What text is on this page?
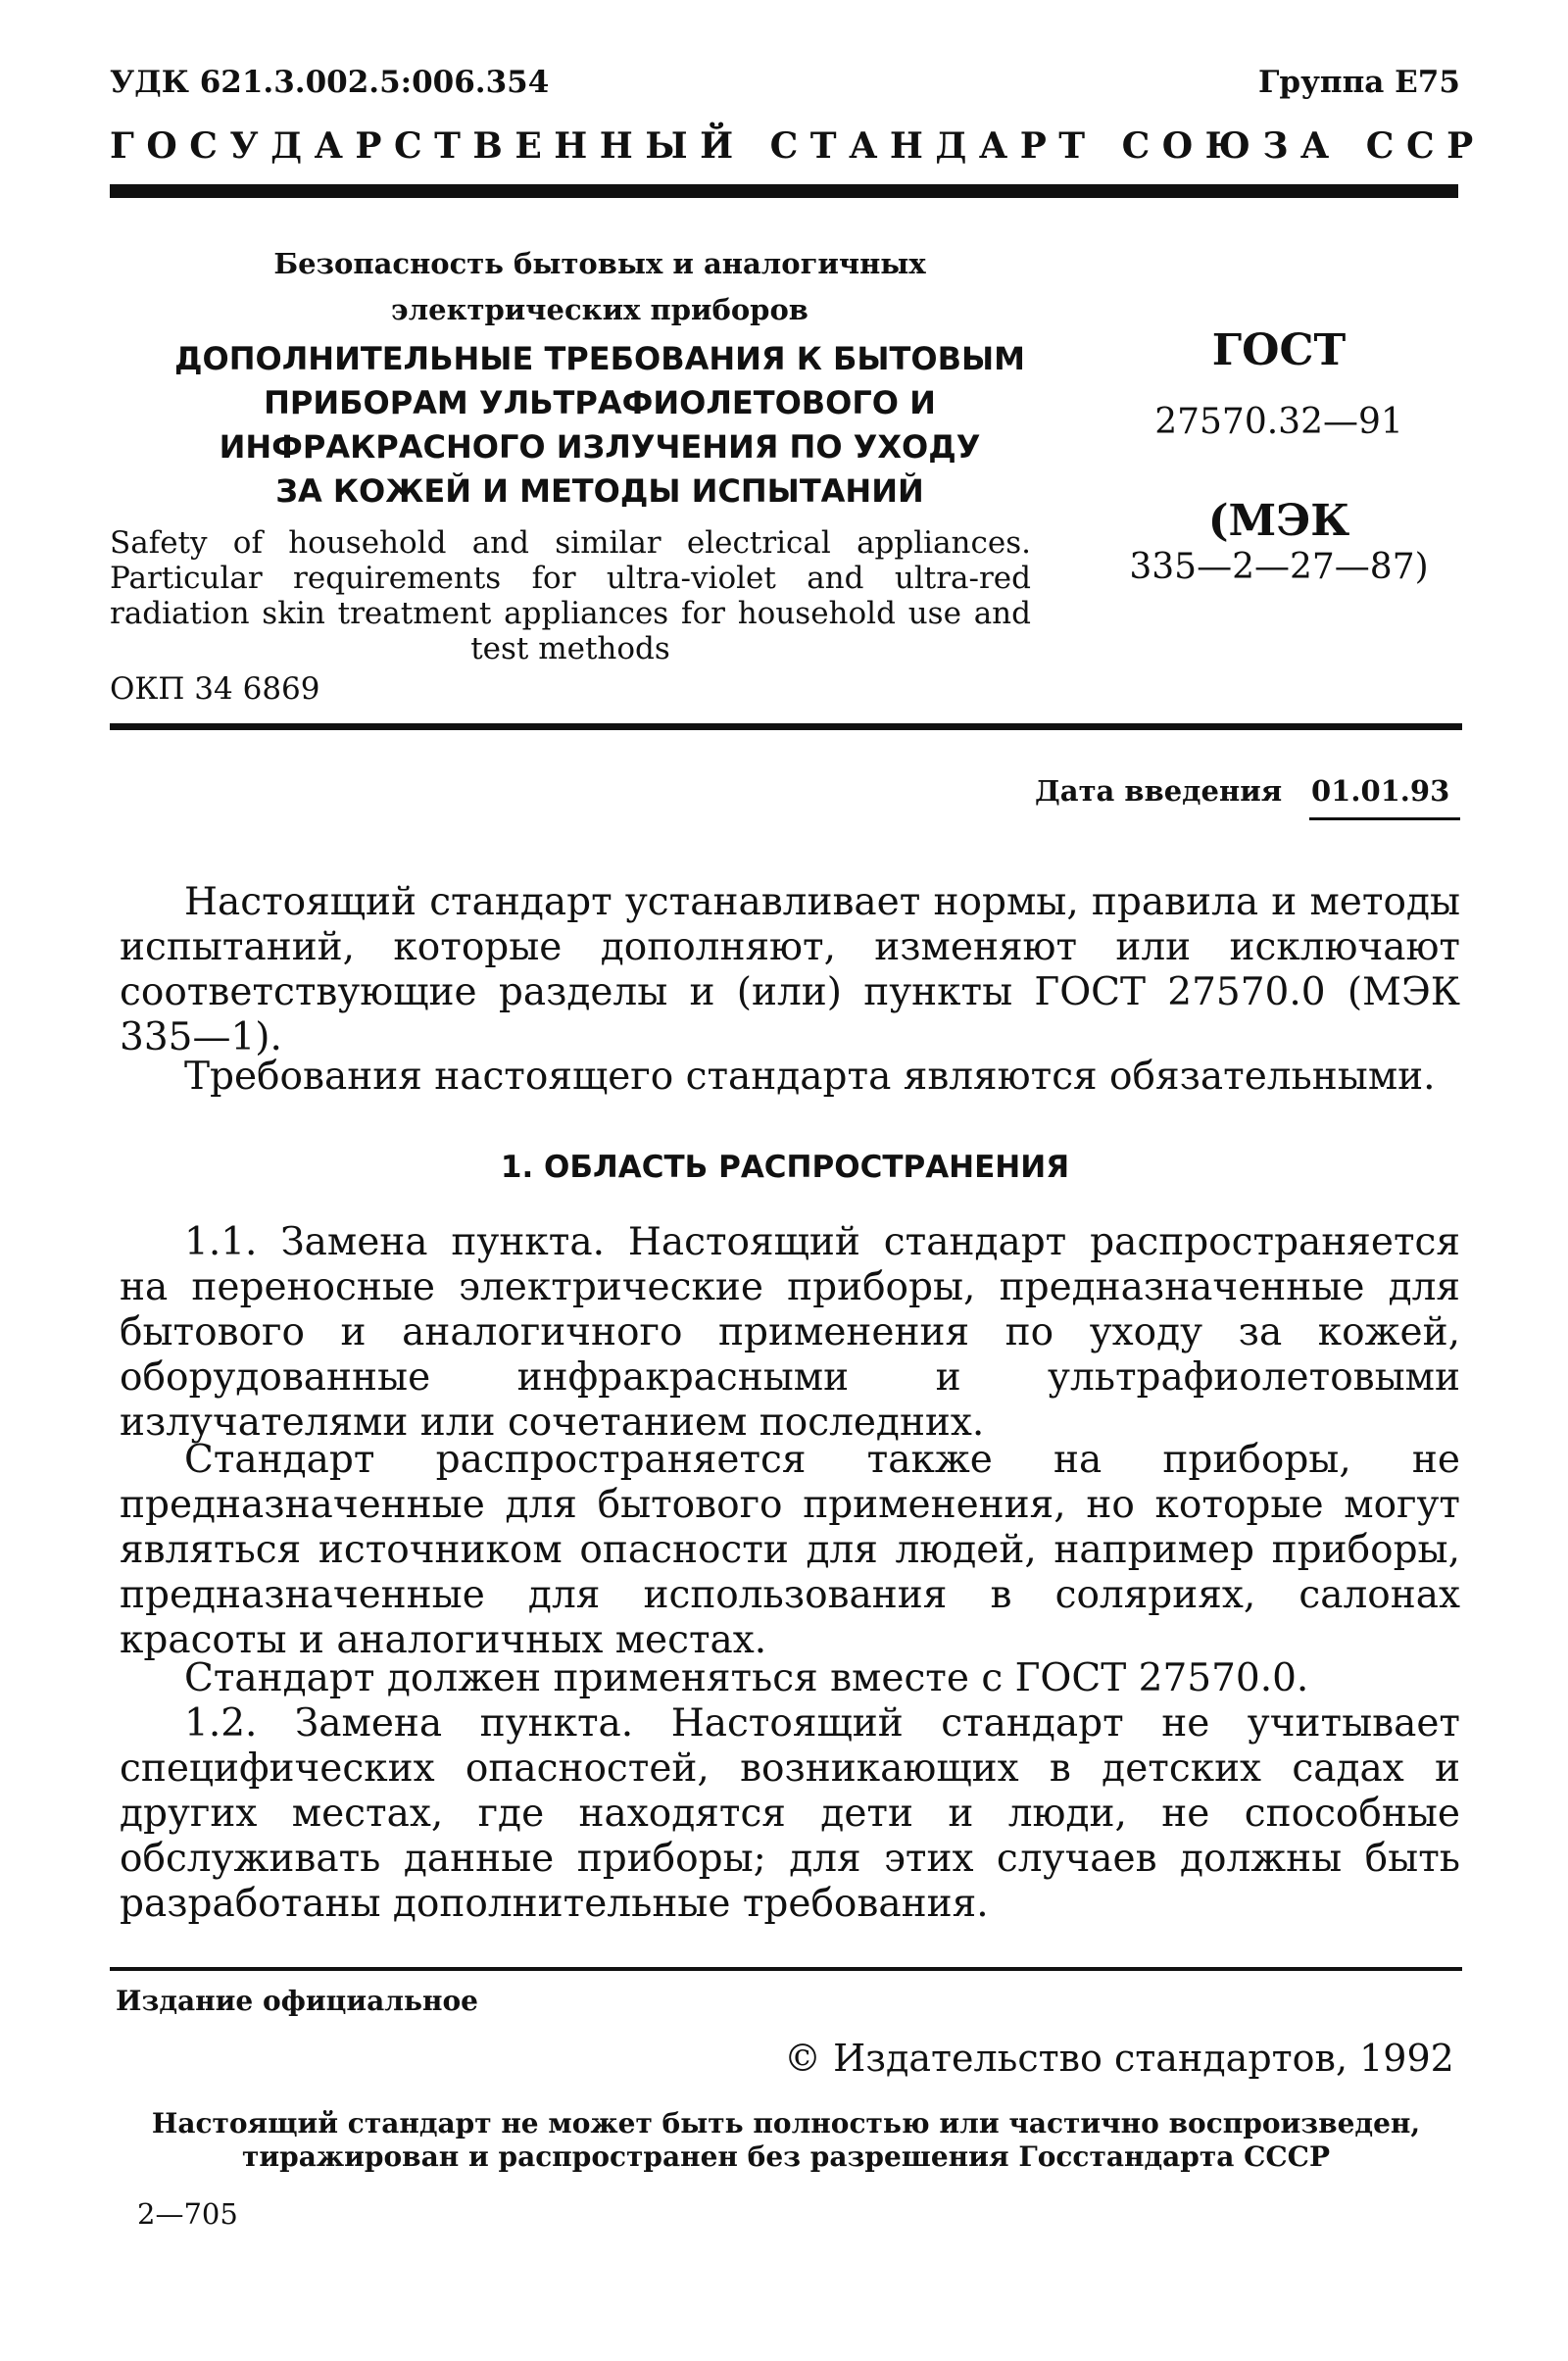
УДК 621.3.002.5:006.354	Группа Е75
ГОСУДАРСТВЕННЫЙ СТАНДАРТ СОЮЗА ССР
Безопасность бытовых и аналогичных
электрических приборов
ДОПОЛНИТЕЛЬНЫЕ ТРЕБОВАНИЯ К БЫТОВЫМ
ПРИБОРАМ УЛЬТРАФИОЛЕТОВОГО И
ИНФРАКРАСНОГО ИЗЛУЧЕНИЯ ПО УХОДУ
ЗА КОЖЕЙ И МЕТОДЫ ИСПЫТАНИЙ
Safety of household and similar electrical appliances. Particular requirements for ultra-violet and ultra-red radiation skin treatment appliances for household use and test methods
ОКП 34 6869
ГОСТ
27570.32—91
(МЭК
335—2—27—87)
Дата введения 01.01.93
Настоящий стандарт устанавливает нормы, правила и методы испытаний, которые дополняют, изменяют или исключают соответствующие разделы и (или) пункты ГОСТ 27570.0 (МЭК 335—1).
Требования настоящего стандарта являются обязательными.
1. ОБЛАСТЬ РАСПРОСТРАНЕНИЯ
1.1. Замена пункта. Настоящий стандарт распространяется на переносные электрические приборы, предназначенные для бытового и аналогичного применения по уходу за кожей, оборудованные инфракрасными и ультрафиолетовыми излучателями или сочетанием последних.
Стандарт распространяется также на приборы, не предназначенные для бытового применения, но которые могут являться источником опасности для людей, например приборы, предназначенные для использования в соляриях, салонах красоты и аналогичных местах.
Стандарт должен применяться вместе с ГОСТ 27570.0.
1.2. Замена пункта. Настоящий стандарт не учитывает специфических опасностей, возникающих в детских садах и других местах, где находятся дети и люди, не способные обслуживать данные приборы; для этих случаев должны быть разработаны дополнительные требования.
Издание официальное
© Издательство стандартов, 1992
Настоящий стандарт не может быть полностью или частично воспроизведен,
тиражирован и распространен без разрешения Госстандарта СССР
2—705
